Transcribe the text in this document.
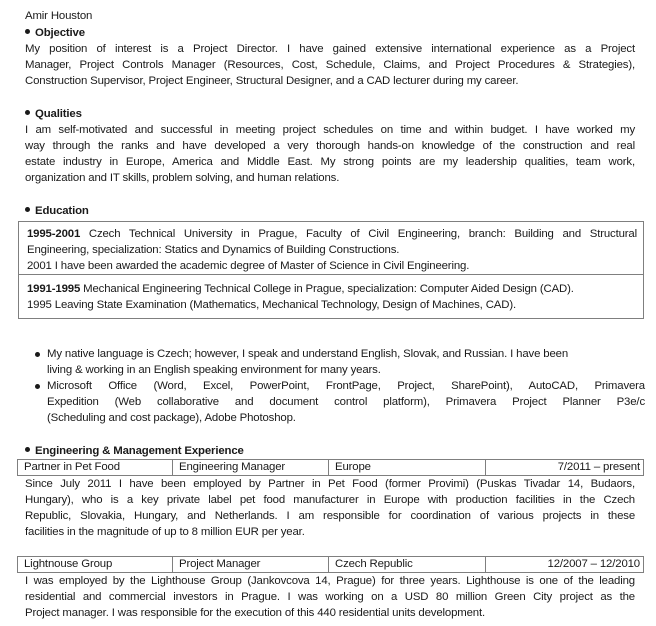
Amir Houston
Objective
My position of interest is a Project Director. I have gained extensive international experience as a Project
Manager, Project Controls Manager (Resources, Cost, Schedule, Claims, and Project Procedures & Strategies),
Construction Supervisor, Project Engineer, Structural Designer, and a CAD lecturer during my career.
Qualities
I am self-motivated and successful in meeting project schedules on time and within budget. I have worked my
way through the ranks and have developed a very thorough hands-on knowledge of the construction and real
estate industry in Europe, America and Middle East. My strong points are my leadership qualities, team work,
organization and IT skills, problem solving, and human relations.
Education
1995-2001 Czech Technical University in Prague, Faculty of Civil Engineering, branch: Building and Structural
Engineering, specialization: Statics and Dynamics of Building Constructions.
2001 I have been awarded the academic degree of Master of Science in Civil Engineering.
1991-1995 Mechanical Engineering Technical College in Prague, specialization: Computer Aided Design (CAD).
1995 Leaving State Examination (Mathematics, Mechanical Technology, Design of Machines, CAD).
My native language is Czech; however, I speak and understand English, Slovak, and Russian. I have been
living & working in an English speaking environment for many years.
Microsoft Office (Word, Excel, PowerPoint, FrontPage, Project, SharePoint), AutoCAD, Primavera
Expedition (Web collaborative and document control platform), Primavera Project Planner P3e/c
(Scheduling and cost package), Adobe Photoshop.
Engineering & Management Experience
Partner in Pet Food	Engineering Manager	Europe	7/2011 – present
Since July 2011 I have been employed by Partner in Pet Food (former Provimi) (Puskas Tivadar 14, Budaors,
Hungary), who is a key private label pet food manufacturer in Europe with production facilities in the Czech
Republic, Slovakia, Hungary, and Netherlands. I am responsible for coordination of various projects in these
facilities in the magnitude of up to 8 million EUR per year.
Lightnouse Group	Project Manager	Czech Republic	12/2007 – 12/2010
I was employed by the Lighthouse Group (Jankovcova 14, Prague) for three years. Lighthouse is one of the leading
residential and commercial investors in Prague. I was working on a USD 80 million Green City project as the
Project manager. I was responsible for the execution of this 440 residential units development.
